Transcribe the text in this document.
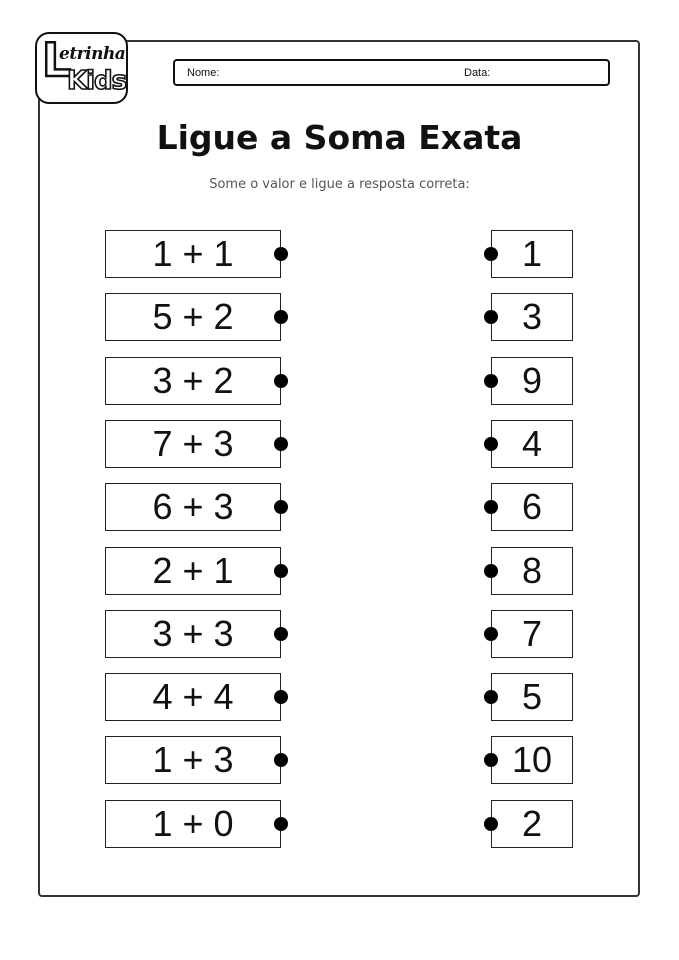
L
etrinha
Kids	Nome:	Data:
Ligue a Soma Exata
Some o valor e ligue a resposta correta:
1 + 1	1
5 + 2	3
3 + 2	9
7 + 3	4
6 + 3	6
2 + 1	8
3 + 3	7
4 + 4	5
1 + 3	10
1 + 0	2
